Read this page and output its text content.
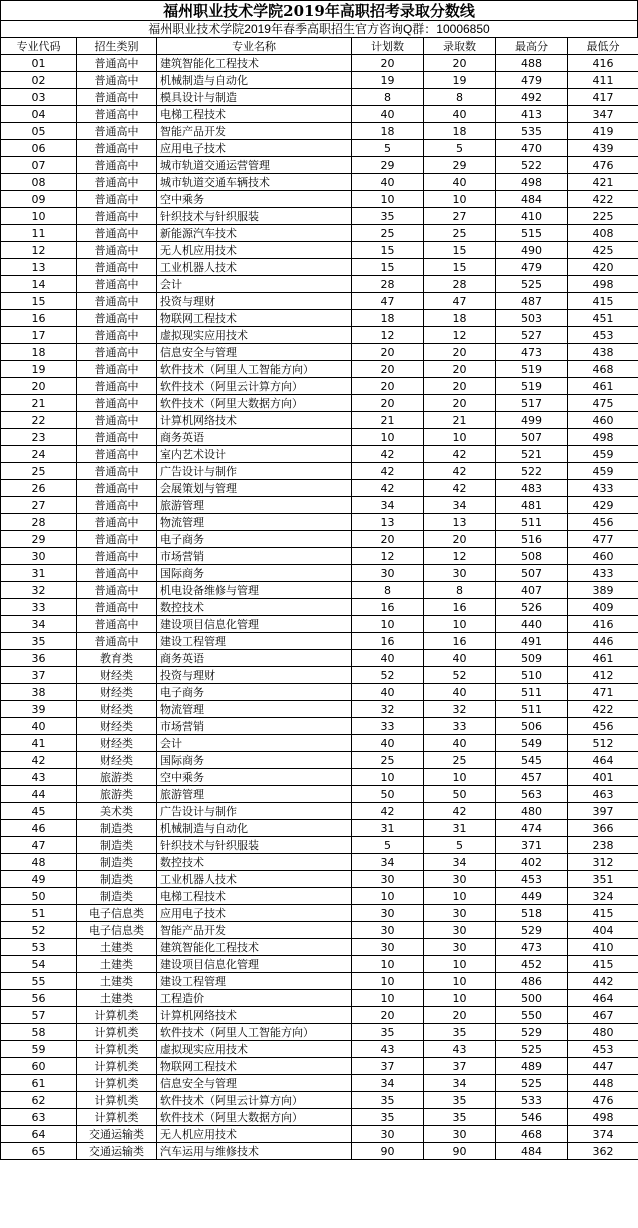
福州职业技术学院2019年高职招考录取分数线
福州职业技术学院2019年春季高职招生官方咨询Q群：10006850
专业代码	招生类别	专业名称	计划数	录取数	最高分	最低分
01	普通高中	建筑智能化工程技术	20	20	488	416
02	普通高中	机械制造与自动化	19	19	479	411
03	普通高中	模具设计与制造	8	8	492	417
04	普通高中	电梯工程技术	40	40	413	347
05	普通高中	智能产品开发	18	18	535	419
06	普通高中	应用电子技术	5	5	470	439
07	普通高中	城市轨道交通运营管理	29	29	522	476
08	普通高中	城市轨道交通车辆技术	40	40	498	421
09	普通高中	空中乘务	10	10	484	422
10	普通高中	针织技术与针织服装	35	27	410	225
11	普通高中	新能源汽车技术	25	25	515	408
12	普通高中	无人机应用技术	15	15	490	425
13	普通高中	工业机器人技术	15	15	479	420
14	普通高中	会计	28	28	525	498
15	普通高中	投资与理财	47	47	487	415
16	普通高中	物联网工程技术	18	18	503	451
17	普通高中	虚拟现实应用技术	12	12	527	453
18	普通高中	信息安全与管理	20	20	473	438
19	普通高中	软件技术（阿里人工智能方向）	20	20	519	468
20	普通高中	软件技术（阿里云计算方向）	20	20	519	461
21	普通高中	软件技术（阿里大数据方向）	20	20	517	475
22	普通高中	计算机网络技术	21	21	499	460
23	普通高中	商务英语	10	10	507	498
24	普通高中	室内艺术设计	42	42	521	459
25	普通高中	广告设计与制作	42	42	522	459
26	普通高中	会展策划与管理	42	42	483	433
27	普通高中	旅游管理	34	34	481	429
28	普通高中	物流管理	13	13	511	456
29	普通高中	电子商务	20	20	516	477
30	普通高中	市场营销	12	12	508	460
31	普通高中	国际商务	30	30	507	433
32	普通高中	机电设备维修与管理	8	8	407	389
33	普通高中	数控技术	16	16	526	409
34	普通高中	建设项目信息化管理	10	10	440	416
35	普通高中	建设工程管理	16	16	491	446
36	教育类	商务英语	40	40	509	461
37	财经类	投资与理财	52	52	510	412
38	财经类	电子商务	40	40	511	471
39	财经类	物流管理	32	32	511	422
40	财经类	市场营销	33	33	506	456
41	财经类	会计	40	40	549	512
42	财经类	国际商务	25	25	545	464
43	旅游类	空中乘务	10	10	457	401
44	旅游类	旅游管理	50	50	563	463
45	美术类	广告设计与制作	42	42	480	397
46	制造类	机械制造与自动化	31	31	474	366
47	制造类	针织技术与针织服装	5	5	371	238
48	制造类	数控技术	34	34	402	312
49	制造类	工业机器人技术	30	30	453	351
50	制造类	电梯工程技术	10	10	449	324
51	电子信息类	应用电子技术	30	30	518	415
52	电子信息类	智能产品开发	30	30	529	404
53	土建类	建筑智能化工程技术	30	30	473	410
54	土建类	建设项目信息化管理	10	10	452	415
55	土建类	建设工程管理	10	10	486	442
56	土建类	工程造价	10	10	500	464
57	计算机类	计算机网络技术	20	20	550	467
58	计算机类	软件技术（阿里人工智能方向）	35	35	529	480
59	计算机类	虚拟现实应用技术	43	43	525	453
60	计算机类	物联网工程技术	37	37	489	447
61	计算机类	信息安全与管理	34	34	525	448
62	计算机类	软件技术（阿里云计算方向）	35	35	533	476
63	计算机类	软件技术（阿里大数据方向）	35	35	546	498
64	交通运输类	无人机应用技术	30	30	468	374
65	交通运输类	汽车运用与维修技术	90	90	484	362
